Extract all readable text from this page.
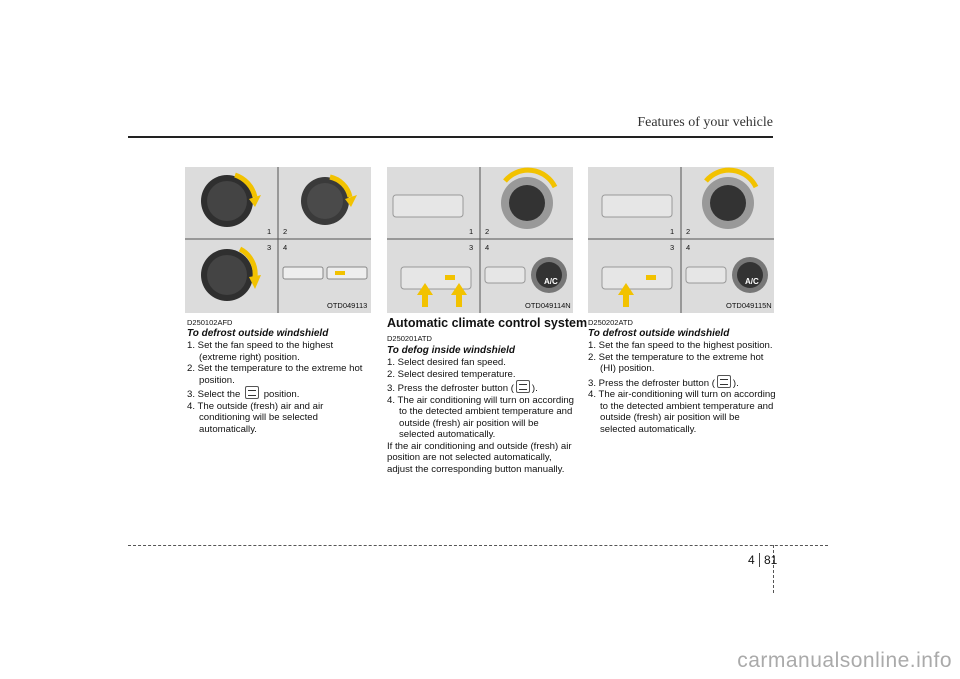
Features of your vehicle
1 2
3 4
OTD049113
A/C
1 2
3 4
OTD049114N
A/C
1 2
3 4
OTD049115N
D250102AFD
To defrost outside windshield

1. Set the fan speed to the highest (extreme right) position.

2. Set the temperature to the extreme hot position.

3. Select the position.

4. The outside (fresh) air and air conditioning will be selected automatically.

Automatic climate control system
D250201ATD
To defog inside windshield

1. Select desired fan speed.

2. Select desired temperature.

3. Press the defroster button ( ).

4. The air conditioning will turn on according to the detected ambient temperature and outside (fresh) air position will be selected automatically.

If the air conditioning and outside (fresh) air position are not selected automatically, adjust the corresponding button manually.

D250202ATD
To defrost outside windshield

1. Set the fan speed to the highest position.

2. Set the temperature to the extreme hot (HI) position.

3. Press the defroster button ( ).

4. The air-conditioning will turn on according to the detected ambient temperature and outside (fresh) air position will be selected automatically.

4 81
carmanualsonline.info
